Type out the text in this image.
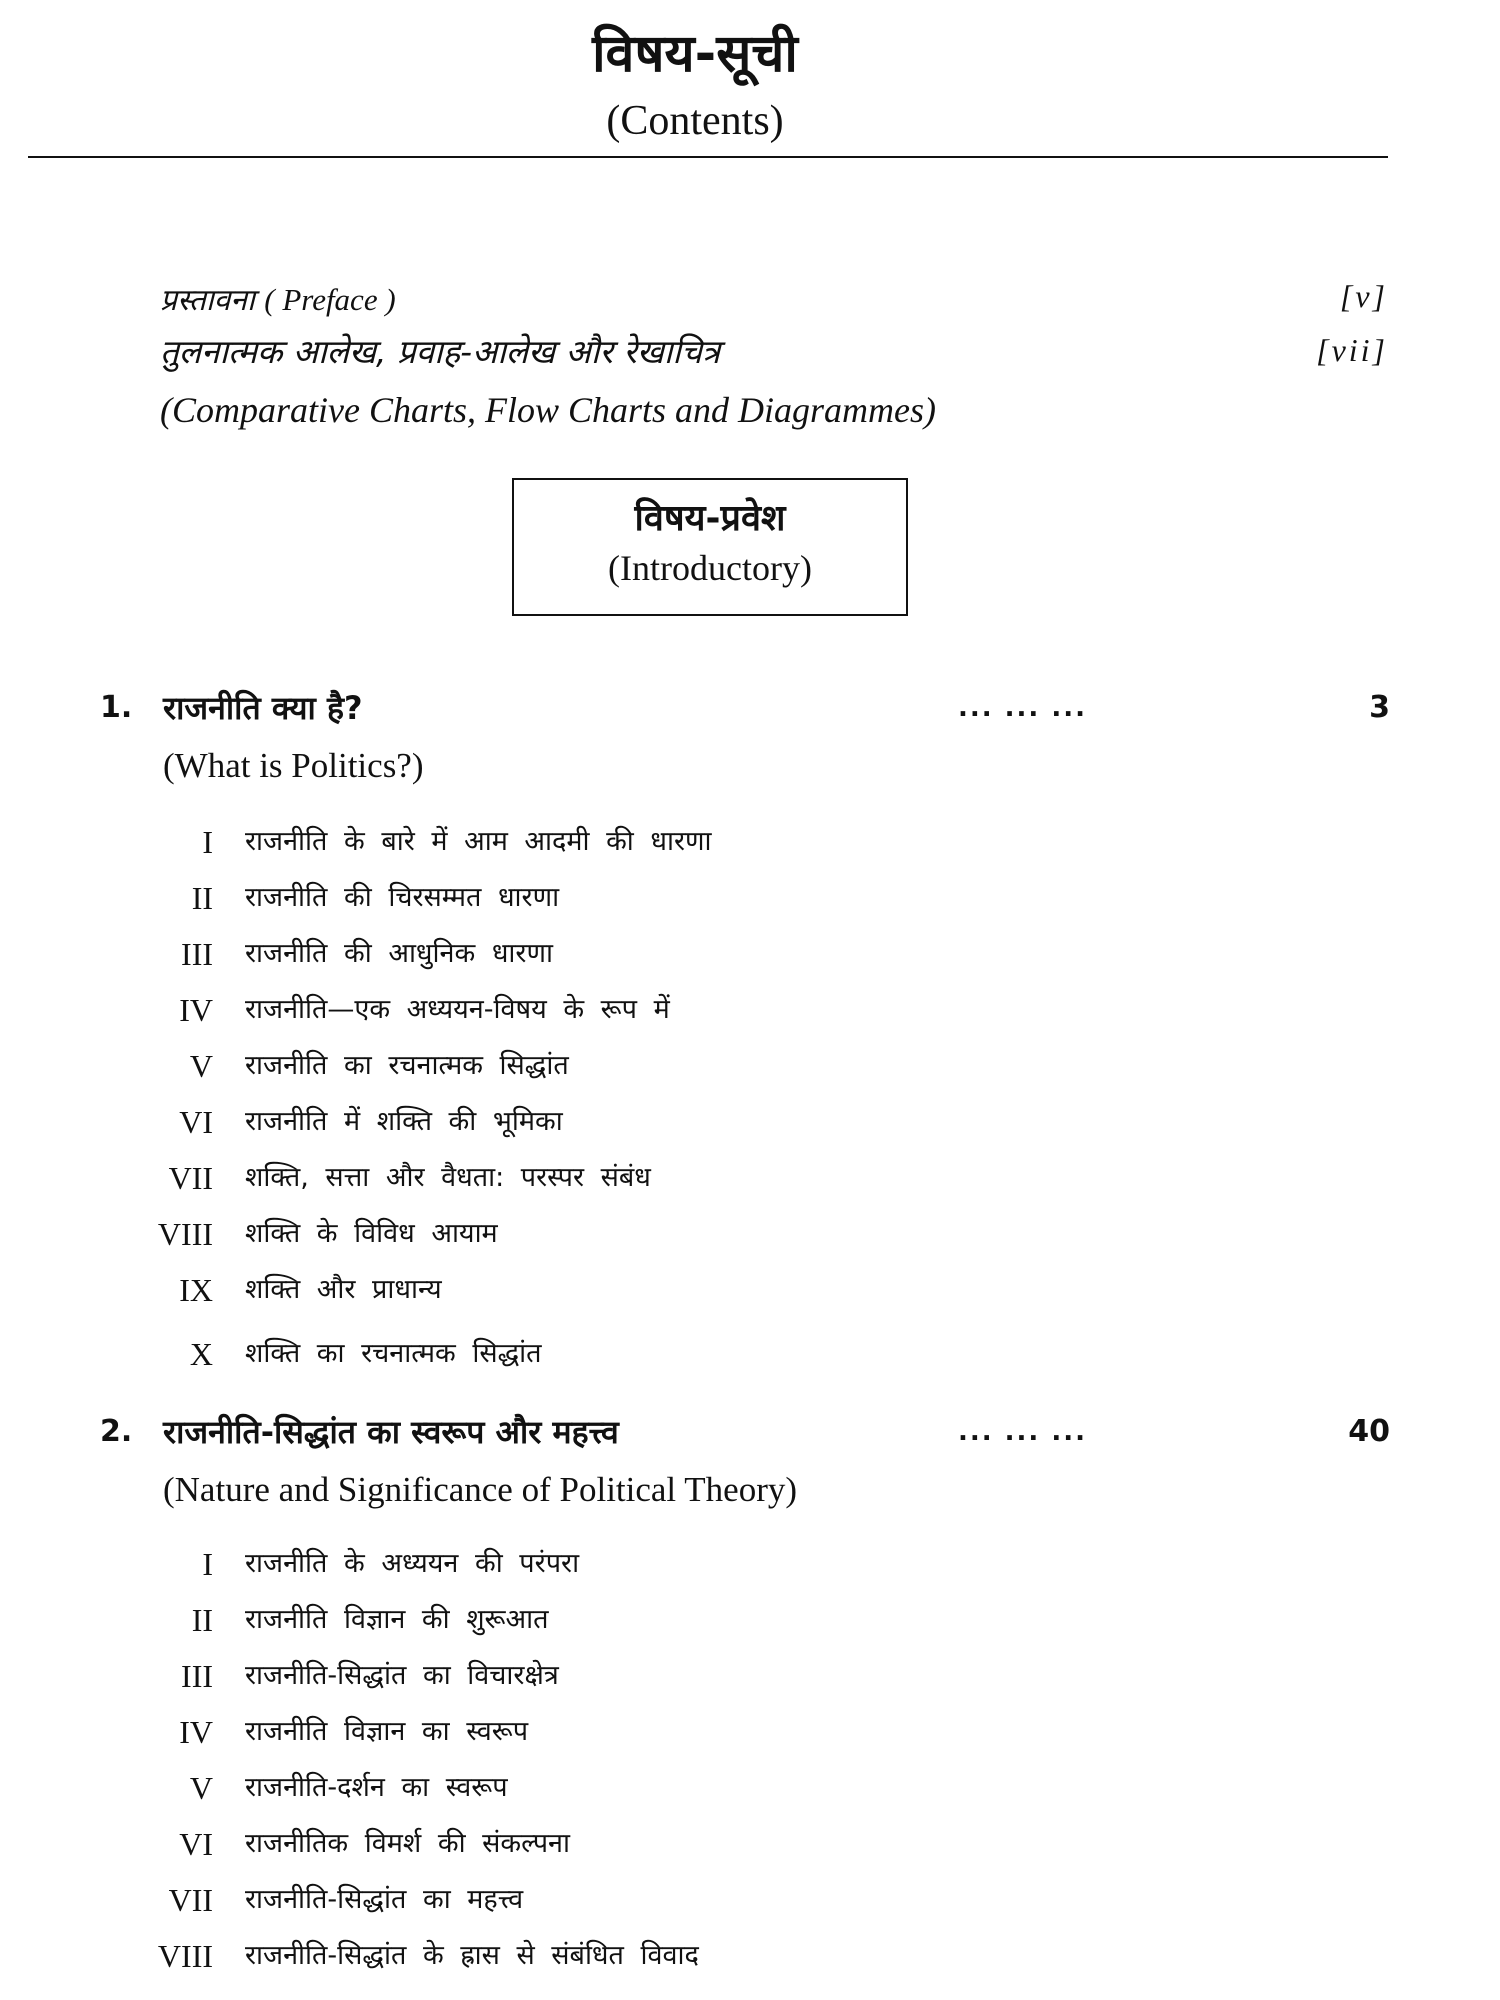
विषय-सूची
(Contents)
प्रस्तावना ( Preface )	[v]
तुलनात्मक आलेख, प्रवाह-आलेख और रेखाचित्र	[vii]
(Comparative Charts, Flow Charts and Diagrammes)
विषय-प्रवेश
(Introductory)
1. राजनीति क्या है?	... ... ...	3
(What is Politics?)
I राजनीति के बारे में आम आदमी की धारणा
II राजनीति की चिरसम्मत धारणा
III राजनीति की आधुनिक धारणा
IV राजनीति—एक अध्ययन-विषय के रूप में
V राजनीति का रचनात्मक सिद्धांत
VI राजनीति में शक्ति की भूमिका
VII शक्ति, सत्ता और वैधता: परस्पर संबंध
VIII शक्ति के विविध आयाम
IX शक्ति और प्राधान्य
X शक्ति का रचनात्मक सिद्धांत
2. राजनीति-सिद्धांत का स्वरूप और महत्त्व	... ... ...	40
(Nature and Significance of Political Theory)
I राजनीति के अध्ययन की परंपरा
II राजनीति विज्ञान की शुरूआत
III राजनीति-सिद्धांत का विचारक्षेत्र
IV राजनीति विज्ञान का स्वरूप
V राजनीति-दर्शन का स्वरूप
VI राजनीतिक विमर्श की संकल्पना
VII राजनीति-सिद्धांत का महत्त्व
VIII राजनीति-सिद्धांत के ह्रास से संबंधित विवाद
